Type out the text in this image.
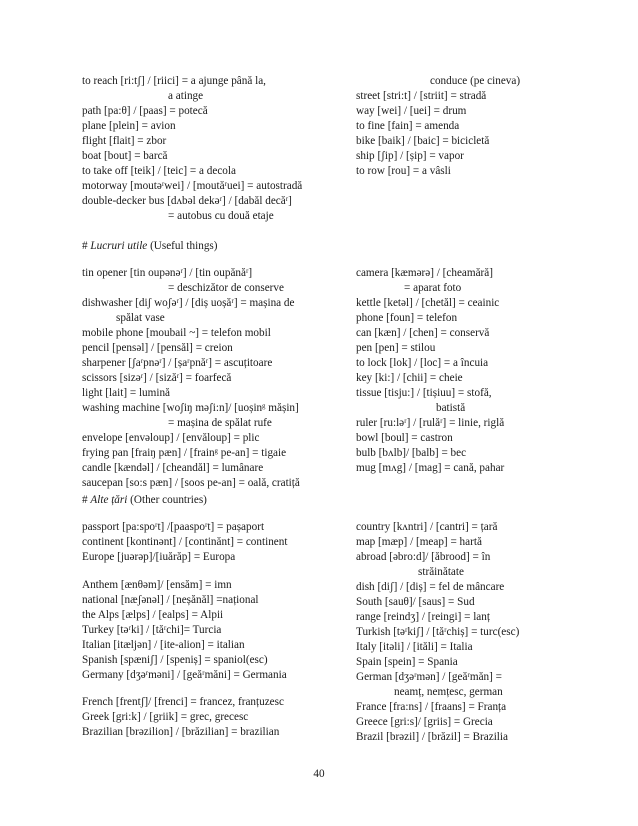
to reach [ri:tʃ] / [riici] = a ajunge până la,
a atinge
path [pa:θ] / [paas] = potecă
plane [plein] = avion
flight [flait] = zbor
boat [bout] = barcă
to take off [teik] / [teic] = a decola
motorway [moutəʳwei] / [moutăʳuei] = autostradă
double-decker bus [dʌbəl dekəʳ] / [dabăl decăʳ]
= autobus cu două etaje
conduce (pe cineva)
street [stri:t] / [striit] = stradă
way [wei] / [uei] = drum
to fine [fain] = amenda
bike [baik] / [baic] = bicicletă
ship [ʃip] / [șip] = vapor
to row [rou] = a vâsli
# Lucruri utile (Useful things)
tin opener [tin oupənəʳ] / [tin oupănăʳ]
= deschizător de conserve
dishwasher [diʃ woʃəʳ] / [diș uoșăʳ] = mașina de
spălat vase
mobile phone [moubail ~] = telefon mobil
pencil [pensəl] / [pensăl] = creion
sharpener [ʃaʳpnəʳ] / [șaʳpnăʳ] = ascuțitoare
scissors [sizəʳ] / [sizăʳ] = foarfecă
light [lait] = lumină
washing machine [woʃiŋ məʃi:n]/ [uoșinᵍ mășin]
= mașina de spălat rufe
envelope [envəloup] / [envăloup] = plic
frying pan [fraiŋ pæn] / [frainᵍ pe-an] = tigaie
candle [kændəl] / [cheandăl] = lumânare
saucepan [so:s pæn] / [soos pe-an] = oală, cratiță
camera [kæmərə] / [cheamără]
= aparat foto
kettle [ketəl] / [chetăl] = ceainic
phone [foun] = telefon
can [kæn] / [chen] = conservă
pen [pen] = stilou
to lock [lok] / [loc] = a încuia
key [ki:] / [chii] = cheie
tissue [tisju:] / [tișiuu] = stofă,
batistă
ruler [ru:ləʳ] / [rulăʳ] = linie, riglă
bowl [boul] = castron
bulb [bʌlb]/ [balb] = bec
mug [mʌg] / [mag] = cană, pahar
# Alte țări (Other countries)
passport [pa:spoʳt] /[paaspoʳt] = pașaport
continent [kontinənt] / [continănt] = continent
Europe [juərəp]/[iuărăp] = Europa
Anthem [ænθəm]/ [ensăm] = imn
national [næʃənəl] / [neșănăl] =național
the Alps [ælps] / [ealps] = Alpii
Turkey [təʳki] / [tăʳchi]= Turcia
Italian [itæljən] / [ite-alion] = italian
Spanish [spæniʃ] / [speniș] = spaniol(esc)
Germany [dʒəʳməni] / [geăʳmăni] = Germania
French [frentʃ]/ [frenci] = francez, franțuzesc
Greek [gri:k] / [griik] = grec, grecesc
Brazilian [brəzilion] / [brăzilian] = brazilian
country [kʌntri] / [cantri] = țară
map [mæp] / [meap] = hartă
abroad [əbro:d]/ [ăbrood] = în
străinătate
dish [diʃ] / [diș] = fel de mâncare
South [sauθ]/ [saus] = Sud
range [reindʒ] / [reingi] = lanț
Turkish [təʳkiʃ] / [tăʳchiș] = turc(esc)
Italy [itəli] / [ităli] = Italia
Spain [spein] = Spania
German [dʒəʳmən] / [geăʳmăn] =
neamț, nemțesc, german
France [fra:ns] / [fraans] = Franța
Greece [gri:s]/ [griis] = Grecia
Brazil [brəzil] / [brăzil] = Brazilia
40
